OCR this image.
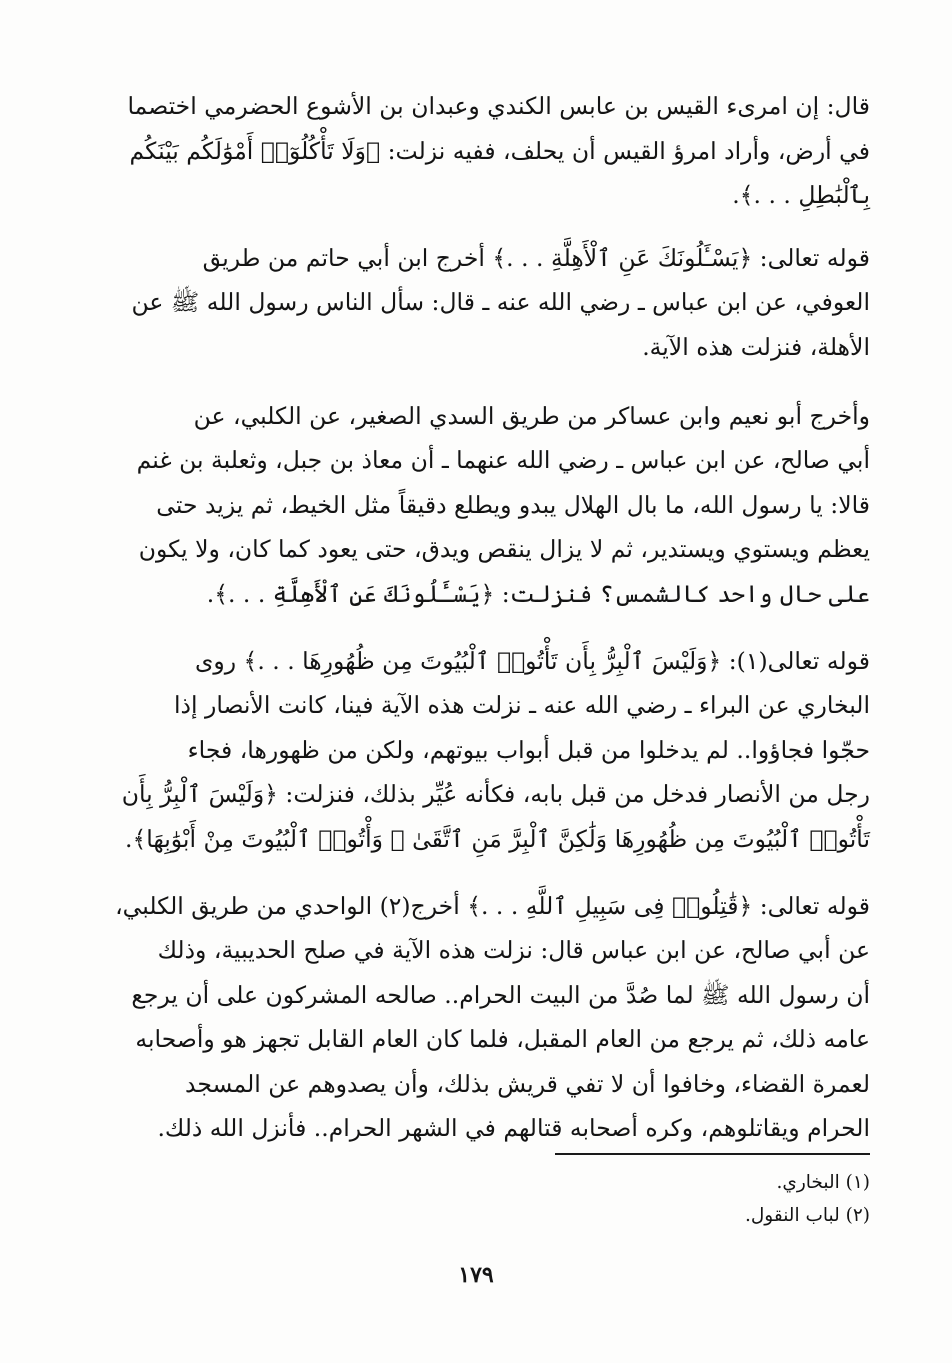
قال: إن امرىء القيس بن عابس الكندي وعبدان بن الأشوع الحضرمي اختصما
في أرض، وأراد امرؤ القيس أن يحلف، ففيه نزلت: ﴿وَلَا تَأْكُلُوٓا۟ أَمْوَٰلَكُم بَيْنَكُم
بِٱلْبَٰطِلِ . . .﴾.

قوله تعالى: ﴿يَسْـَٔلُونَكَ عَنِ ٱلْأَهِلَّةِ . . .﴾ أخرج ابن أبي حاتم من طريق
العوفي، عن ابن عباس ـ رضي الله عنه ـ قال: سأل الناس رسول الله ﷺ عن
الأهلة، فنزلت هذه الآية.

وأخرج أبو نعيم وابن عساكر من طريق السدي الصغير، عن الكلبي، عن
أبي صالح، عن ابن عباس ـ رضي الله عنهما ـ أن معاذ بن جبل، وثعلبة بن غنم
قالا: يا رسول الله، ما بال الهلال يبدو ويطلع دقيقاً مثل الخيط، ثم يزيد حتى
يعظم ويستوي ويستدير، ثم لا يزال ينقص ويدق، حتى يعود كما كان، ولا يكون
على حال واحد كالشمس؟ فنزلت: ﴿يَسْـَٔلُونَكَ عَنِ ٱلْأَهِلَّةِ . . .﴾.

قوله تعالى(١): ﴿وَلَيْسَ ٱلْبِرُّ بِأَن تَأْتُوا۟ ٱلْبُيُوتَ مِن ظُهُورِهَا . . .﴾ روى
البخاري عن البراء ـ رضي الله عنه ـ نزلت هذه الآية فينا، كانت الأنصار إذا
حجّوا فجاؤوا.. لم يدخلوا من قبل أبواب بيوتهم، ولكن من ظهورها، فجاء
رجل من الأنصار فدخل من قبل بابه، فكأنه عُيِّر بذلك، فنزلت: ﴿وَلَيْسَ ٱلْبِرُّ بِأَن
تَأْتُوا۟ ٱلْبُيُوتَ مِن ظُهُورِهَا وَلَٰكِنَّ ٱلْبِرَّ مَنِ ٱتَّقَىٰ ۗ وَأْتُوا۟ ٱلْبُيُوتَ مِنْ أَبْوَٰبِهَا﴾.

قوله تعالى: ﴿قَٰتِلُوا۟ فِى سَبِيلِ ٱللَّهِ . . .﴾ أخرج(٢) الواحدي من طريق الكلبي،
عن أبي صالح، عن ابن عباس قال: نزلت هذه الآية في صلح الحديبية، وذلك
أن رسول الله ﷺ لما صُدَّ من البيت الحرام.. صالحه المشركون على أن يرجع
عامه ذلك، ثم يرجع من العام المقبل، فلما كان العام القابل تجهز هو وأصحابه
لعمرة القضاء، وخافوا أن لا تفي قريش بذلك، وأن يصدوهم عن المسجد
الحرام ويقاتلوهم، وكره أصحابه قتالهم في الشهر الحرام.. فأنزل الله ذلك.

(١) البخاري.

(٢) لباب النقول.

١٧٩
